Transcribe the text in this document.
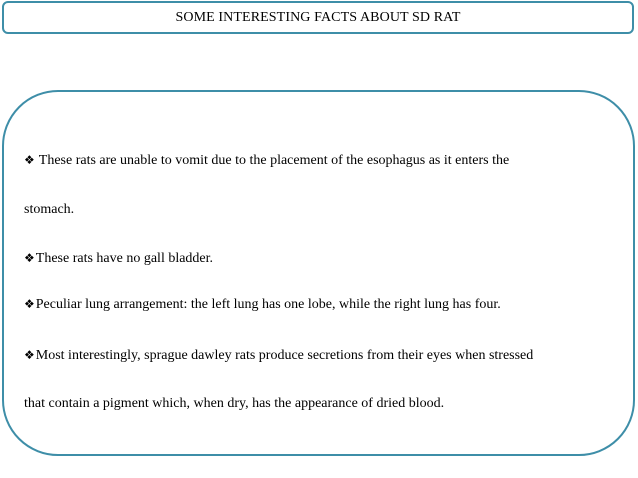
SOME INTERESTING FACTS ABOUT SD RAT
❖ These rats are unable to vomit due to the placement of the esophagus as it enters the
stomach.
❖These rats have no gall bladder.
❖Peculiar lung arrangement: the left lung has one lobe, while the right lung has four.
❖Most interestingly, sprague dawley rats produce secretions from their eyes when stressed
that contain a pigment which, when dry, has the appearance of dried blood.
